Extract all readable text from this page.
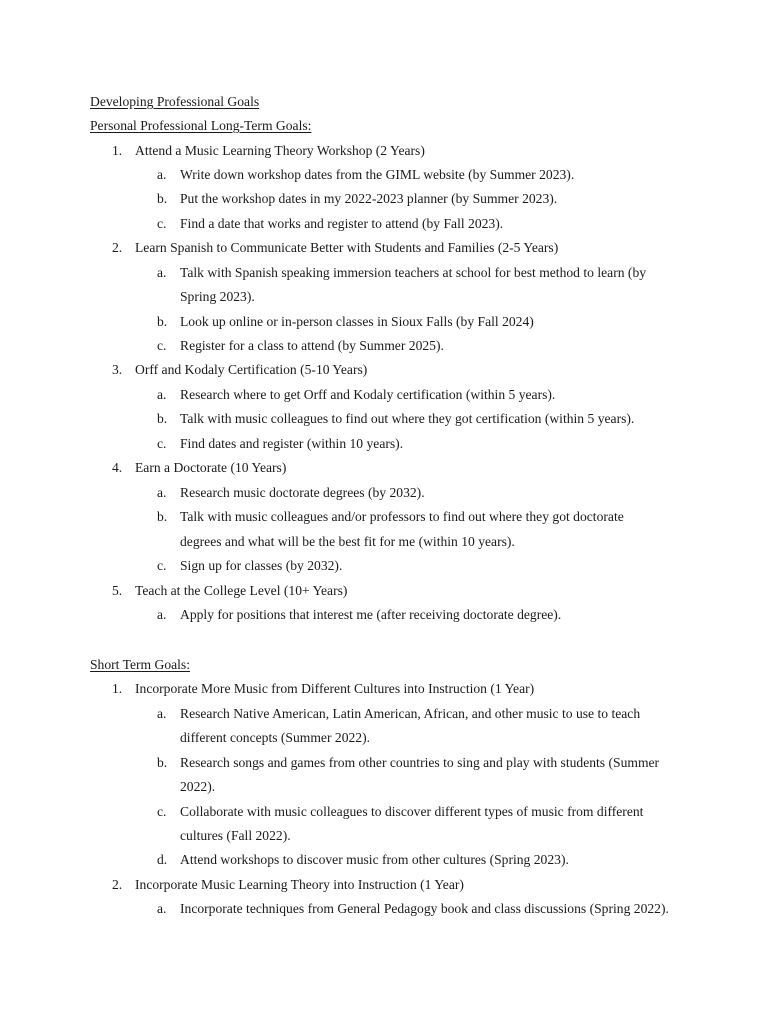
Developing Professional Goals
Personal Professional Long-Term Goals:
1. Attend a Music Learning Theory Workshop (2 Years)
a. Write down workshop dates from the GIML website (by Summer 2023).
b. Put the workshop dates in my 2022-2023 planner (by Summer 2023).
c. Find a date that works and register to attend (by Fall 2023).
2. Learn Spanish to Communicate Better with Students and Families (2-5 Years)
a. Talk with Spanish speaking immersion teachers at school for best method to learn (by
Spring 2023).
b. Look up online or in-person classes in Sioux Falls (by Fall 2024)
c. Register for a class to attend (by Summer 2025).
3. Orff and Kodaly Certification (5-10 Years)
a. Research where to get Orff and Kodaly certification (within 5 years).
b. Talk with music colleagues to find out where they got certification (within 5 years).
c. Find dates and register (within 10 years).
4. Earn a Doctorate (10 Years)
a. Research music doctorate degrees (by 2032).
b. Talk with music colleagues and/or professors to find out where they got doctorate
degrees and what will be the best fit for me (within 10 years).
c. Sign up for classes (by 2032).
5. Teach at the College Level (10+ Years)
a. Apply for positions that interest me (after receiving doctorate degree).
Short Term Goals:
1. Incorporate More Music from Different Cultures into Instruction (1 Year)
a. Research Native American, Latin American, African, and other music to use to teach
different concepts (Summer 2022).
b. Research songs and games from other countries to sing and play with students (Summer
2022).
c. Collaborate with music colleagues to discover different types of music from different
cultures (Fall 2022).
d. Attend workshops to discover music from other cultures (Spring 2023).
2. Incorporate Music Learning Theory into Instruction (1 Year)
a. Incorporate techniques from General Pedagogy book and class discussions (Spring 2022).
